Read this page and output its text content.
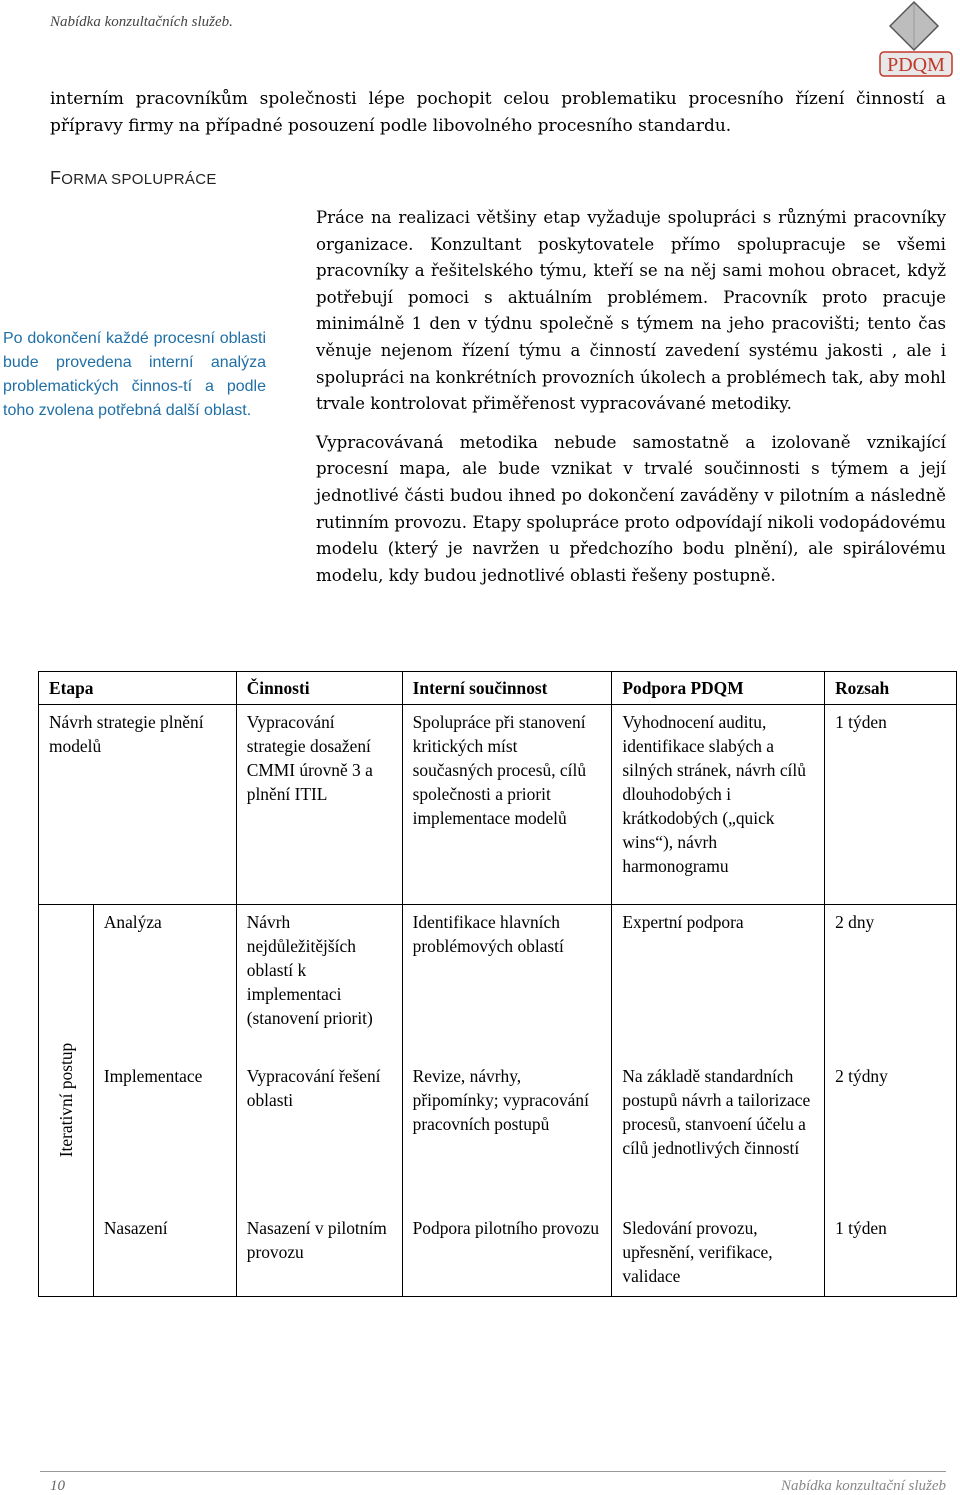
Nabídka konzultačních služeb.
PDQM
interním pracovníkům společnosti lépe pochopit celou problematiku procesního řízení činností a přípravy firmy na případné posouzení podle libovolného procesního standardu.
FORMA SPOLUPRÁCE
Po dokončení každé procesní oblasti bude provedena interní analýza problematických činnos-tí a podle toho zvolena potřebná další oblast.

Práce na realizaci většiny etap vyžaduje spolupráci s různými pracovníky organizace. Konzultant poskytovatele přímo spolupracuje se všemi pracovníky a řešitelského týmu, kteří se na něj sami mohou obracet, když potřebují pomoci s aktuálním problémem. Pracovník proto pracuje minimálně 1 den v týdnu společně s týmem na jeho pracovišti; tento čas věnuje nejenom řízení týmu a činností zavedení systému jakosti , ale i spolupráci na konkrétních provozních úkolech a problémech tak, aby mohl trvale kontrolovat přiměřenost vypracovávané metodiky.

Vypracovávaná metodika nebude samostatně a izolovaně vznikající procesní mapa, ale bude vznikat v trvalé součinnosti s týmem a její jednotlivé části budou ihned po dokončení zaváděny v pilotním a následně rutinním provozu. Etapy spolupráce proto odpovídají nikoli vodopádovému modelu (který je navržen u předchozího bodu plnění), ale spirálovému modelu, kdy budou jednotlivé oblasti řešeny postupně.

Etapa		Činnosti	Interní součinnost	Podpora PDQM	Rozsah
Návrh strategie plnění modelů		Vypracování strategie dosažení CMMI úrovně 3 a plnění ITIL	Spolupráce při stanovení kritických míst současných procesů, cílů společnosti a priorit implementace modelů	Vyhodnocení auditu, identifikace slabých a silných stránek, návrh cílů dlouhodobých i krátkodobých („quick wins“), návrh harmonogramu	1 týden

Iterativní postup	Analýza	Návrh nejdůležitějších oblastí k implementaci (stanovení priorit)	Identifikace hlavních problémových oblastí	Expertní podpora	2 dny
	Implementace	Vypracování řešení oblasti	Revize, návrhy, připomínky; vypracování pracovních postupů	Na základě standardních postupů návrh a tailorizace procesů, stanvoení účelu a cílů jednotlivých činností	2 týdny
	Nasazení	Nasazení v pilotním provozu	Podpora pilotního provozu	Sledování provozu, upřesnění, verifikace, validace	1 týden
10	Nabídka konzultační služeb
